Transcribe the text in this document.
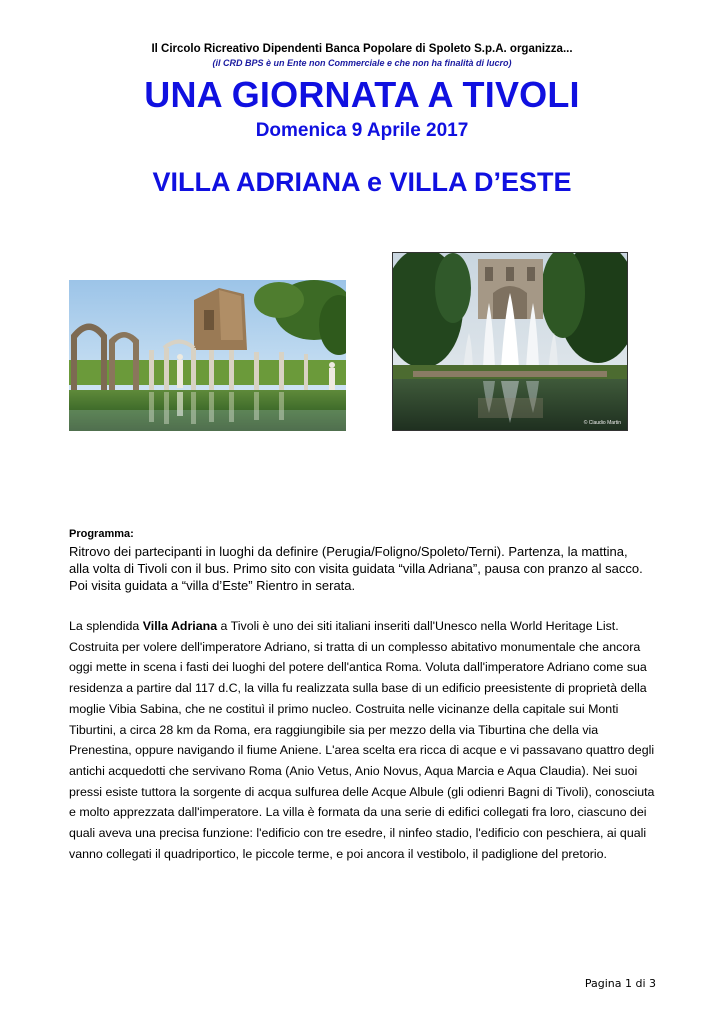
Il Circolo Ricreativo Dipendenti Banca Popolare di Spoleto S.p.A. organizza...
(il CRD BPS è un Ente non Commerciale e che non ha finalità di lucro)
UNA GIORNATA A TIVOLI
Domenica 9 Aprile 2017
VILLA ADRIANA e VILLA D’ESTE
© Claudio Martin
Programma:

Ritrovo dei partecipanti in luoghi da definire (Perugia/Foligno/Spoleto/Terni). Partenza, la mattina,

alla volta di Tivoli con il bus. Primo sito con visita guidata “villa Adriana”, pausa con pranzo al sacco.

Poi visita guidata a “villa d’Este” Rientro in serata.

La splendida Villa Adriana a Tivoli è uno dei siti italiani inseriti dall'Unesco nella World Heritage List. Costruita per volere dell'imperatore Adriano, si tratta di un complesso abitativo monumentale che ancora oggi mette in scena i fasti dei luoghi del potere dell'antica Roma. Voluta dall'imperatore Adriano come sua residenza a partire dal 117 d.C, la villa fu realizzata sulla base di un edificio preesistente di proprietà della moglie Vibia Sabina, che ne costituì il primo nucleo. Costruita nelle vicinanze della capitale sui Monti Tiburtini, a circa 28 km da Roma, era raggiungibile sia per mezzo della via Tiburtina che della via Prenestina, oppure navigando il fiume Aniene. L'area scelta era ricca di acque e vi passavano quattro degli antichi acquedotti che servivano Roma (Anio Vetus, Anio Novus, Aqua Marcia e Aqua Claudia). Nei suoi pressi esiste tuttora la sorgente di acqua sulfurea delle Acque Albule (gli odienri Bagni di Tivoli), conosciuta e molto apprezzata dall'imperatore. La villa è formata da una serie di edifici collegati fra loro, ciascuno dei quali aveva una precisa funzione: l'edificio con tre esedre, il ninfeo stadio, l'edificio con peschiera, ai quali vanno collegati il quadriportico, le piccole terme, e poi ancora il vestibolo, il padiglione del pretorio.
Pagina 1 di 3
